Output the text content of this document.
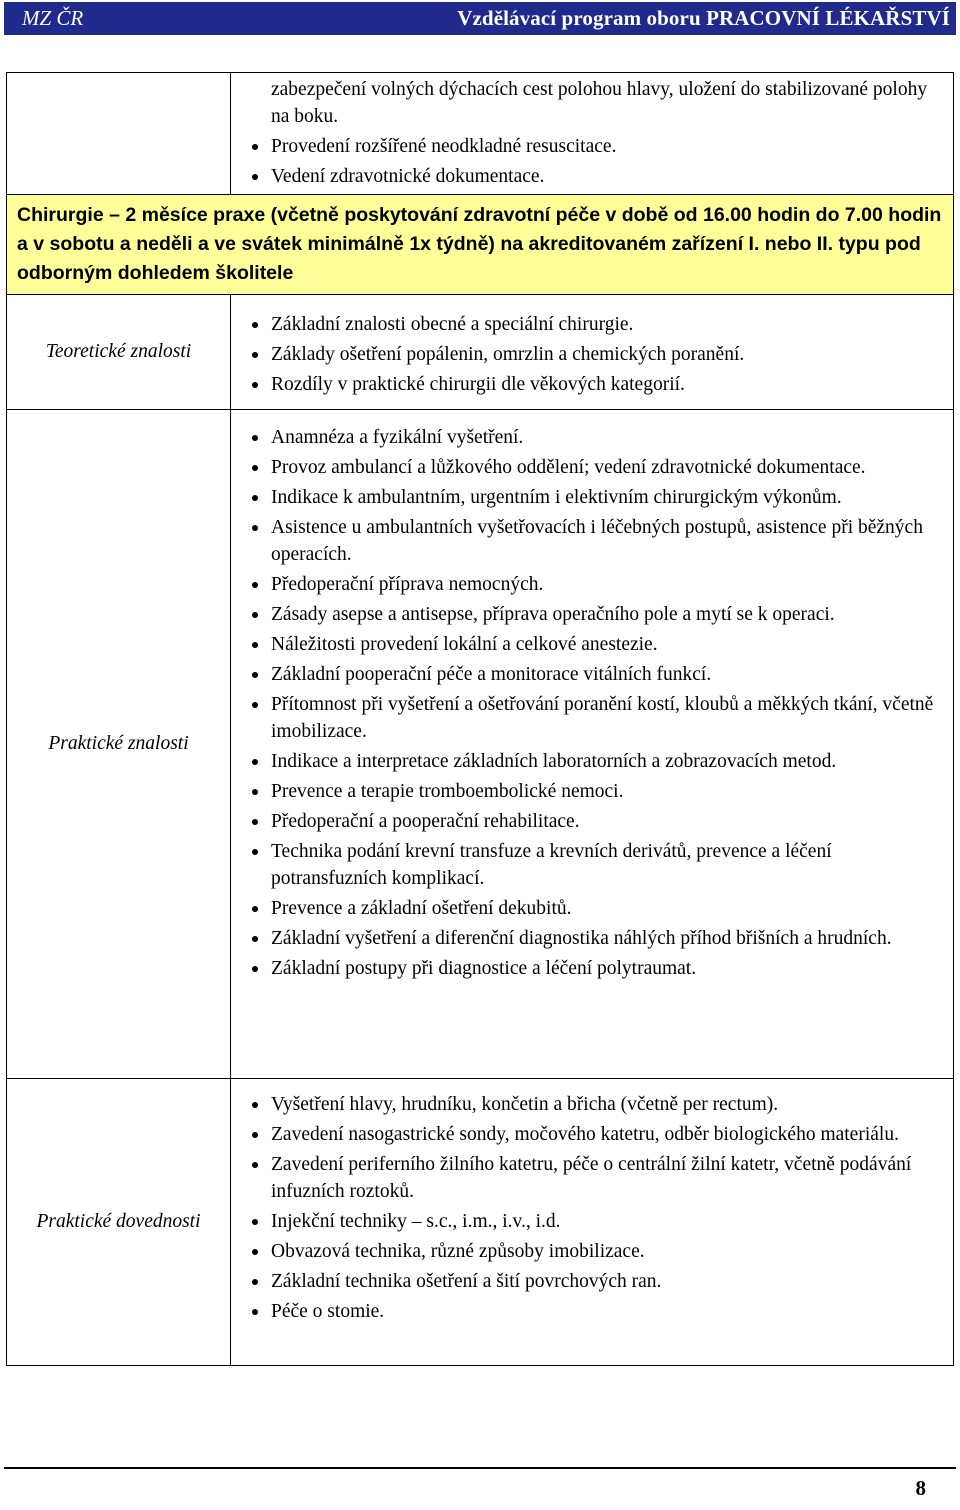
MZ ČR	Vzdělávací program oboru PRACOVNÍ LÉKAŘSTVÍ
zabezpečení volných dýchacích cest polohou hlavy, uložení do stabilizované polohy na boku.
Provedení rozšířené neodkladné resuscitace.
Vedení zdravotnické dokumentace.
Chirurgie – 2 měsíce praxe (včetně poskytování zdravotní péče v době od 16.00 hodin do 7.00 hodin a v sobotu a neděli a ve svátek minimálně 1x týdně) na akreditovaném zařízení I. nebo II. typu pod odborným dohledem školitele
Teoretické znalosti
Základní znalosti obecné a speciální chirurgie.
Základy ošetření popálenin, omrzlin a chemických poranění.
Rozdíly v praktické chirurgii dle věkových kategorií.
Praktické znalosti
Anamnéza a fyzikální vyšetření.
Provoz ambulancí a lůžkového oddělení; vedení zdravotnické dokumentace.
Indikace k ambulantním, urgentním i elektivním chirurgickým výkonům.
Asistence u ambulantních vyšetřovacích i léčebných postupů, asistence při běžných operacích.
Předoperační příprava nemocných.
Zásady asepse a antisepse, příprava operačního pole a mytí se k operaci.
Náležitosti provedení lokální a celkové anestezie.
Základní pooperační péče a monitorace vitálních funkcí.
Přítomnost při vyšetření a ošetřování poranění kostí, kloubů a měkkých tkání, včetně imobilizace.
Indikace a interpretace základních laboratorních a zobrazovacích metod.
Prevence a terapie tromboembolické nemoci.
Předoperační a pooperační rehabilitace.
Technika podání krevní transfuze a krevních derivátů, prevence a léčení potransfuzních komplikací.
Prevence a základní ošetření dekubitů.
Základní vyšetření a diferenční diagnostika náhlých příhod břišních a hrudních.
Základní postupy při diagnostice a léčení polytraumat.
Praktické dovednosti
Vyšetření hlavy, hrudníku, končetin a břicha (včetně per rectum).
Zavedení nasogastrické sondy, močového katetru, odběr biologického materiálu.
Zavedení periferního žilního katetru, péče o centrální žilní katetr, včetně podávání infuzních roztoků.
Injekční techniky – s.c., i.m., i.v., i.d.
Obvazová technika, různé způsoby imobilizace.
Základní technika ošetření a šití povrchových ran.
Péče o stomie.
8
